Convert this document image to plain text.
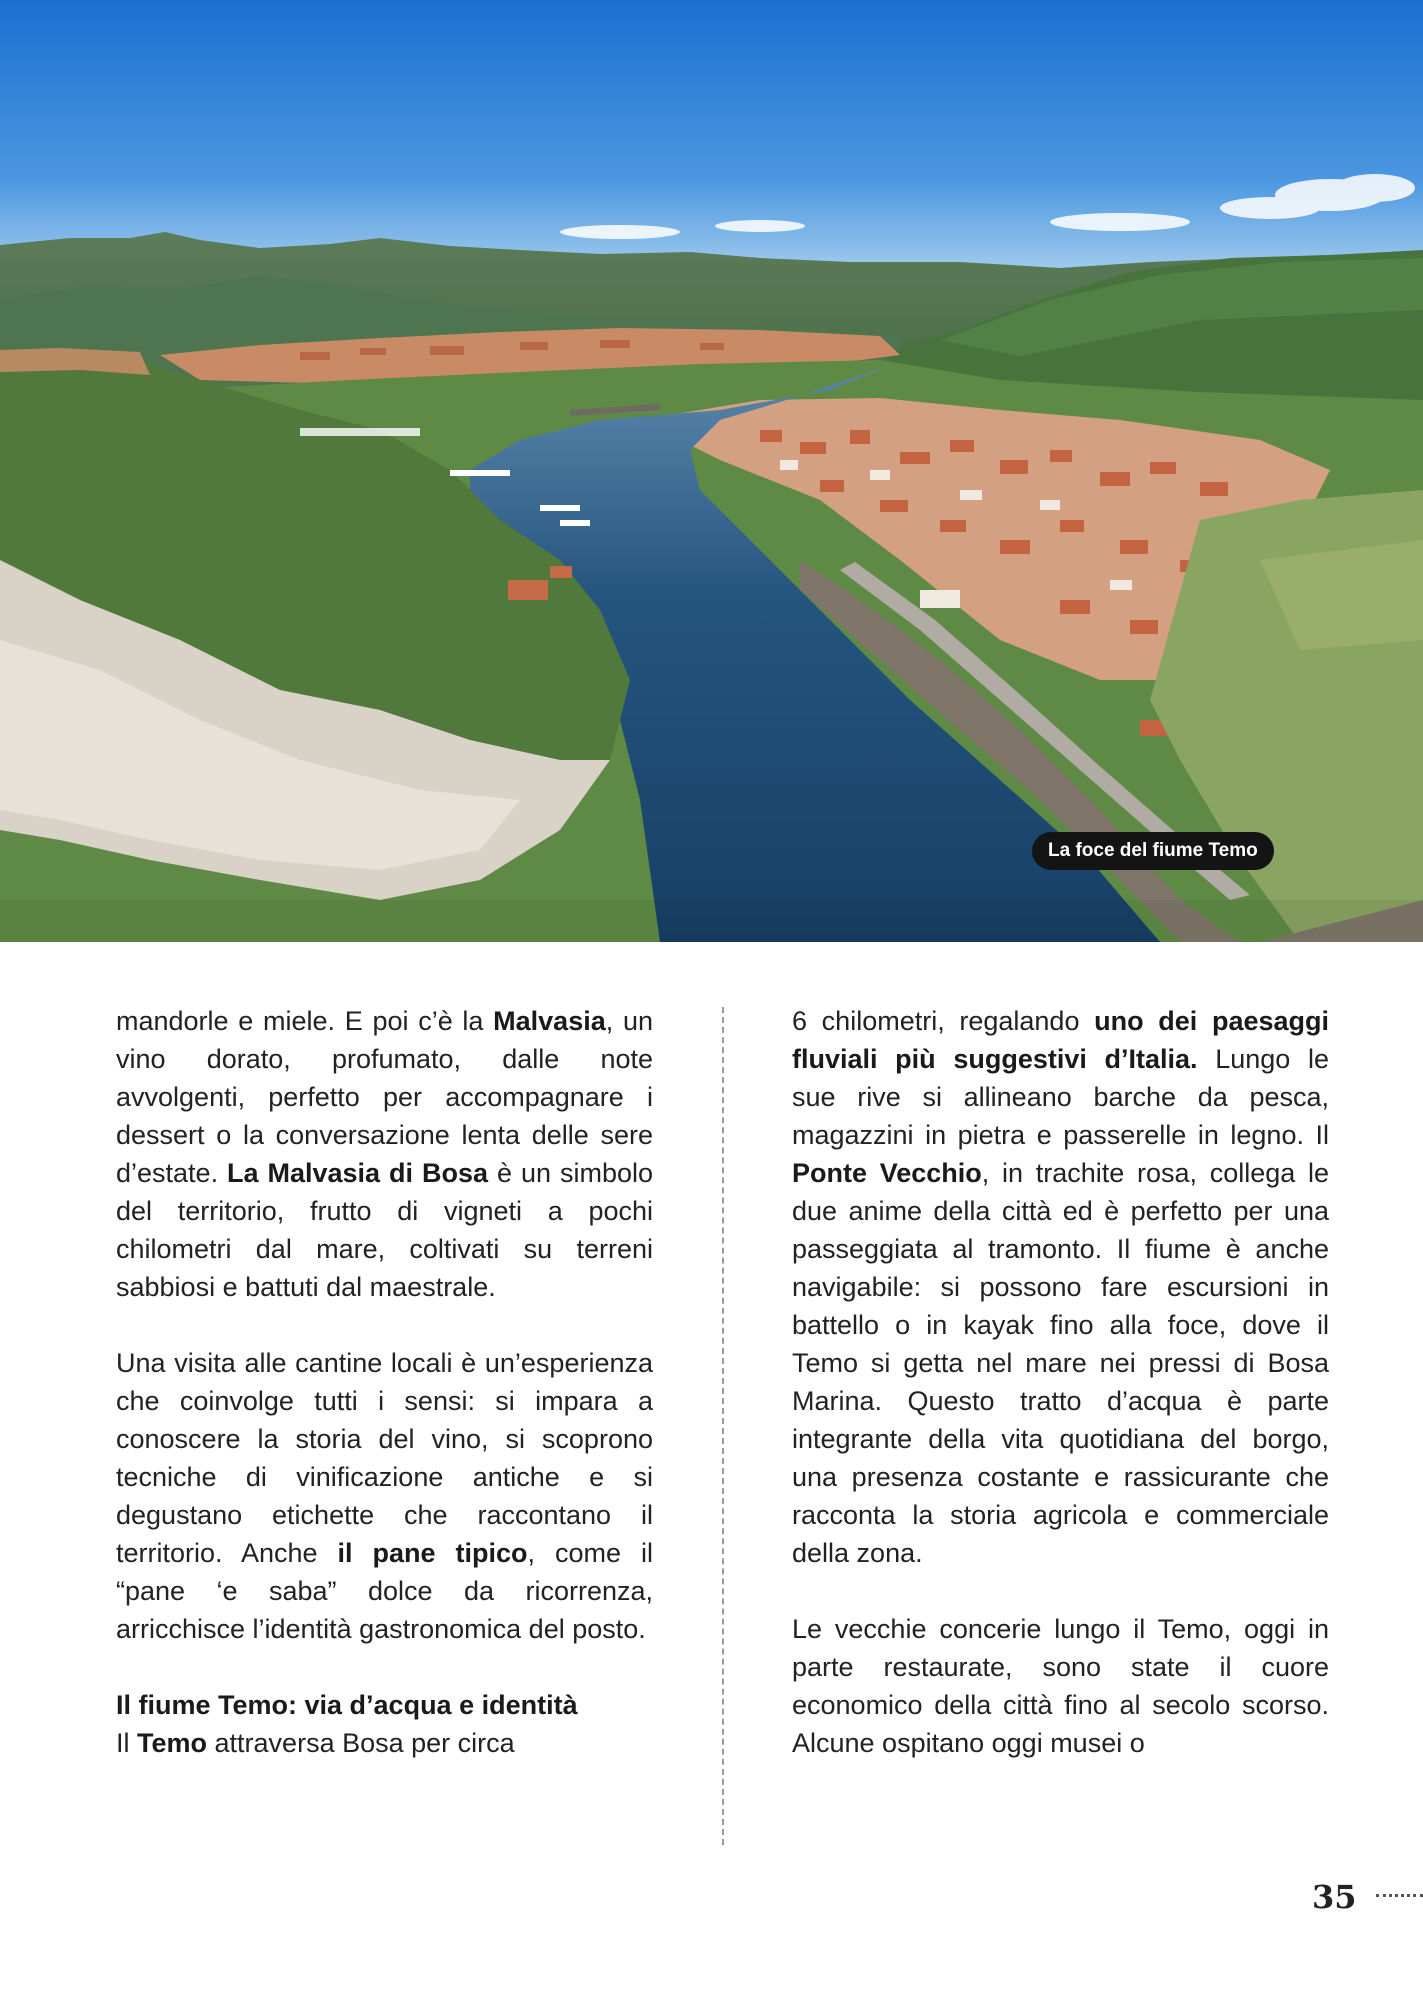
La foce del fiume Temo

mandorle e miele. E poi c’è la Malvasia, un vino dorato, profumato, dalle note avvolgenti, perfetto per accompagnare i dessert o la conversazione lenta delle sere d’estate. La Malvasia di Bosa è un simbolo del territorio, frutto di vigneti a pochi chilometri dal mare, coltivati su terreni sabbiosi e battuti dal maestrale.

Una visita alle cantine locali è un’esperienza che coinvolge tutti i sensi: si impara a conoscere la storia del vino, si scoprono tecniche di vinificazione antiche e si degustano etichette che raccontano il territorio. Anche il pane tipico, come il “pane ‘e saba” dolce da ricorrenza, arricchisce l’identità gastronomica del posto.

Il fiume Temo: via d’acqua e identità

Il Temo attraversa Bosa per circa

6 chilometri, regalando uno dei paesaggi fluviali più suggestivi d’Italia. Lungo le sue rive si allineano barche da pesca, magazzini in pietra e passerelle in legno. Il Ponte Vecchio, in trachite rosa, collega le due anime della città ed è perfetto per una passeggiata al tramonto. Il fiume è anche navigabile: si possono fare escursioni in battello o in kayak fino alla foce, dove il Temo si getta nel mare nei pressi di Bosa Marina. Questo tratto d’acqua è parte integrante della vita quotidiana del borgo, una presenza costante e rassicurante che racconta la storia agricola e commerciale della zona.

Le vecchie concerie lungo il Temo, oggi in parte restaurate, sono state il cuore economico della città fino al secolo scorso. Alcune ospitano oggi musei o

35
